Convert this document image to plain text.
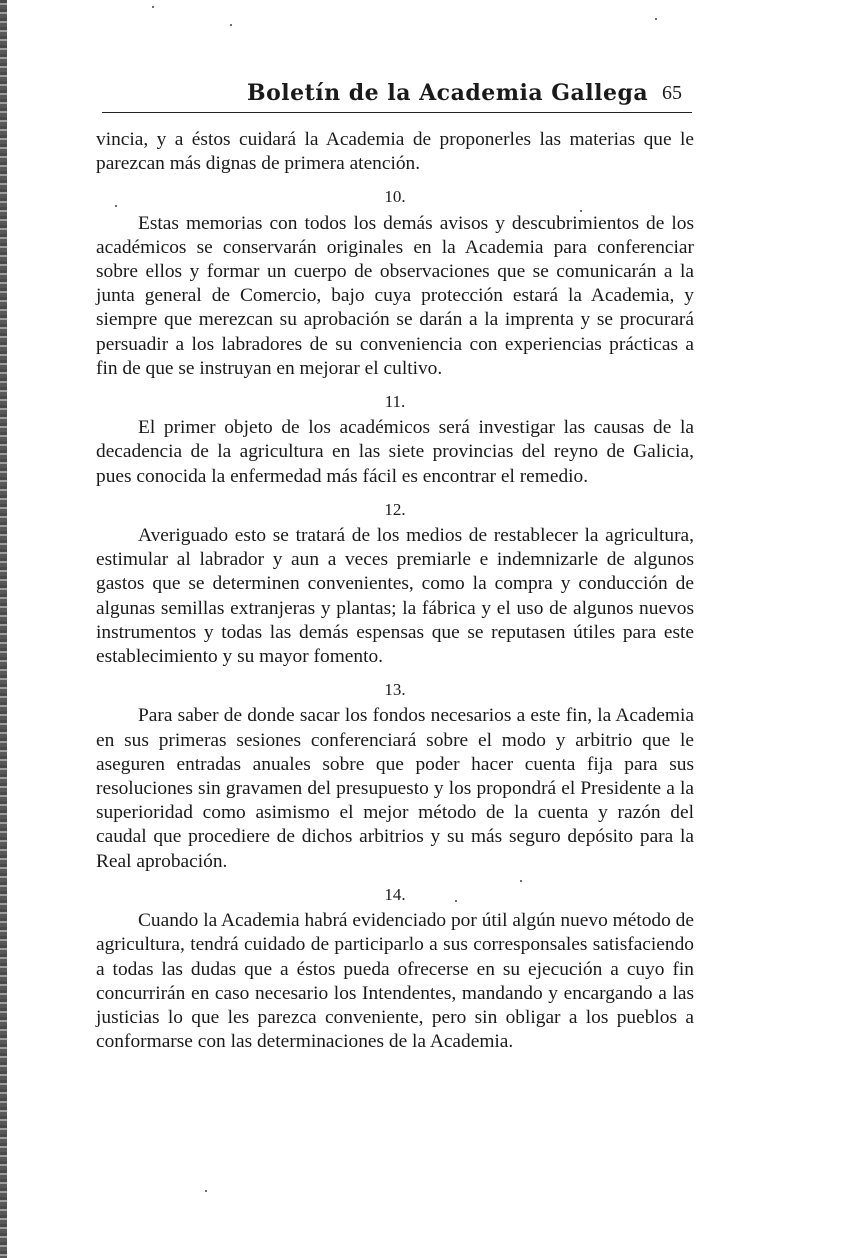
Boletín de la Academia Gallega 65

vincia, y a éstos cuidará la Academia de proponerles las materias que le parezcan más dignas de primera atención.

10.

Estas memorias con todos los demás avisos y descubrimientos de los académicos se conservarán originales en la Academia para conferenciar sobre ellos y formar un cuerpo de observaciones que se comunicarán a la junta general de Comercio, bajo cuya protección estará la Academia, y siempre que merezcan su aprobación se darán a la imprenta y se procurará persuadir a los labradores de su conveniencia con experiencias prácticas a fin de que se instruyan en mejorar el cultivo.

11.

El primer objeto de los académicos será investigar las causas de la decadencia de la agricultura en las siete provincias del reyno de Galicia, pues conocida la enfermedad más fácil es encontrar el remedio.

12.

Averiguado esto se tratará de los medios de restablecer la agricultura, estimular al labrador y aun a veces premiarle e indemnizarle de algunos gastos que se determinen convenientes, como la compra y conducción de algunas semillas extranjeras y plantas; la fábrica y el uso de algunos nuevos instrumentos y todas las demás espensas que se reputasen útiles para este establecimiento y su mayor fomento.

13.

Para saber de donde sacar los fondos necesarios a este fin, la Academia en sus primeras sesiones conferenciará sobre el modo y arbitrio que le aseguren entradas anuales sobre que poder hacer cuenta fija para sus resoluciones sin gravamen del presupuesto y los propondrá el Presidente a la superioridad como asimismo el mejor método de la cuenta y razón del caudal que procediere de dichos arbitrios y su más seguro depósito para la Real aprobación.

14.

Cuando la Academia habrá evidenciado por útil algún nuevo método de agricultura, tendrá cuidado de participarlo a sus corresponsales satisfaciendo a todas las dudas que a éstos pueda ofrecerse en su ejecución a cuyo fin concurrirán en caso necesario los Intendentes, mandando y encargando a las justicias lo que les parezca conveniente, pero sin obligar a los pueblos a conformarse con las determinaciones de la Academia.
